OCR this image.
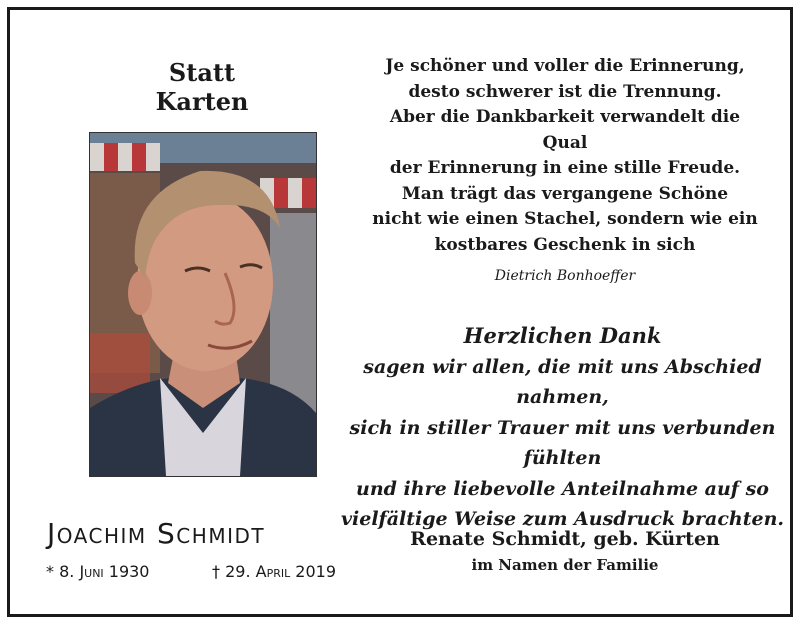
Statt Karten
Je schöner und voller die Erinnerung,
desto schwerer ist die Trennung.
Aber die Dankbarkeit verwandelt die Qual
der Erinnerung in eine stille Freude.
Man trägt das vergangene Schöne
nicht wie einen Stachel, sondern wie ein
kostbares Geschenk in sich
Dietrich Bonhoeffer
Herzlichen Dank
sagen wir allen, die mit uns Abschied nahmen,
sich in stiller Trauer mit uns verbunden fühlten
und ihre liebevolle Anteilnahme auf so
vielfältige Weise zum Ausdruck brachten.
Joachim Schmidt
* 8. Juni 1930	† 29. April 2019
Renate Schmidt, geb. Kürten
im Namen der Familie
